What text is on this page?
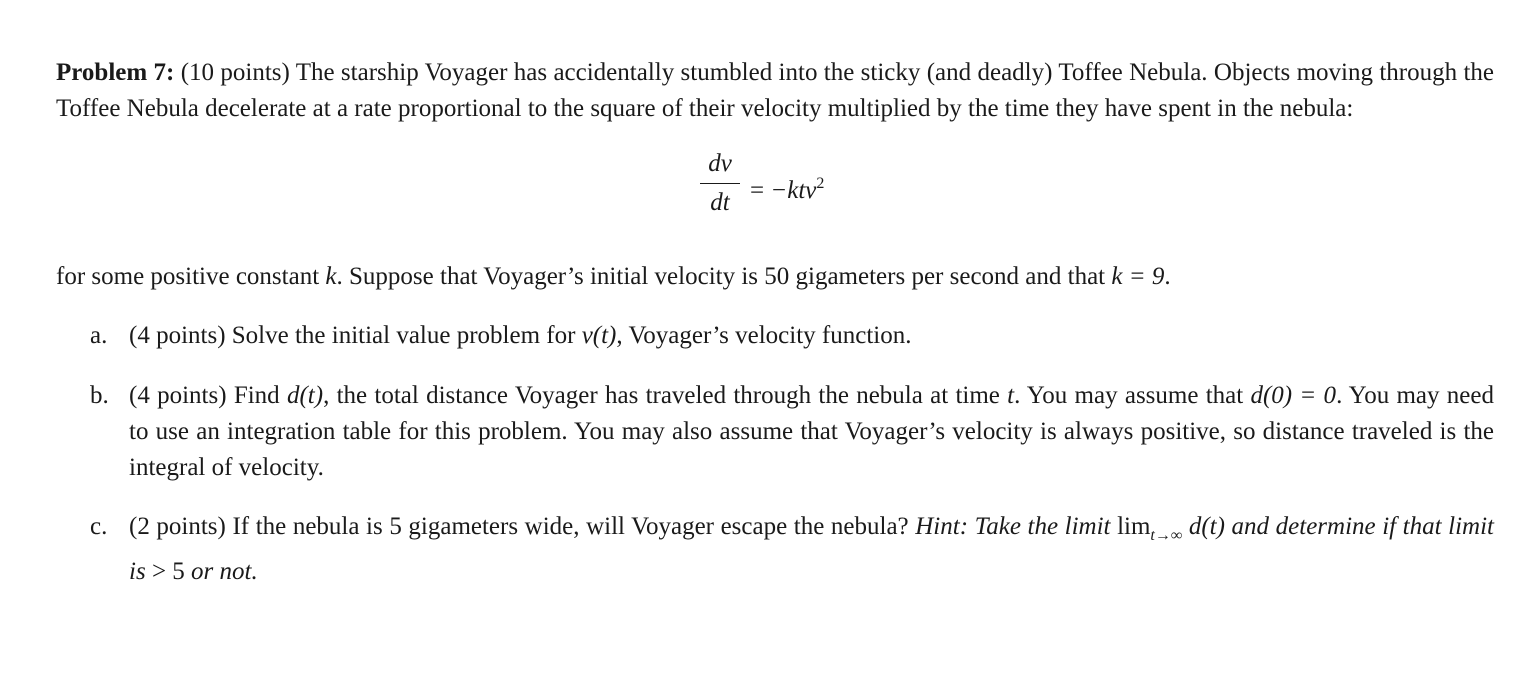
Problem 7: (10 points) The starship Voyager has accidentally stumbled into the sticky (and deadly) Toffee Nebula. Objects moving through the Toffee Nebula decelerate at a rate proportional to the square of their velocity multiplied by the time they have spent in the nebula:

dv
dt = −ktv$^2$

for some positive constant k. Suppose that Voyager’s initial velocity is 50 gigameters per second and that k = 9.

a. (4 points) Solve the initial value problem for v(t), Voyager’s velocity function.

b. (4 points) Find d(t), the total distance Voyager has traveled through the nebula at time t. You may assume that d(0) = 0. You may need to use an integration table for this problem. You may also assume that Voyager’s velocity is always positive, so distance traveled is the integral of velocity.

c. (2 points) If the nebula is 5 gigameters wide, will Voyager escape the nebula? Hint: Take the limit $\lim_{t\to\infty} d(t)$ and determine if that limit is > 5 or not.
